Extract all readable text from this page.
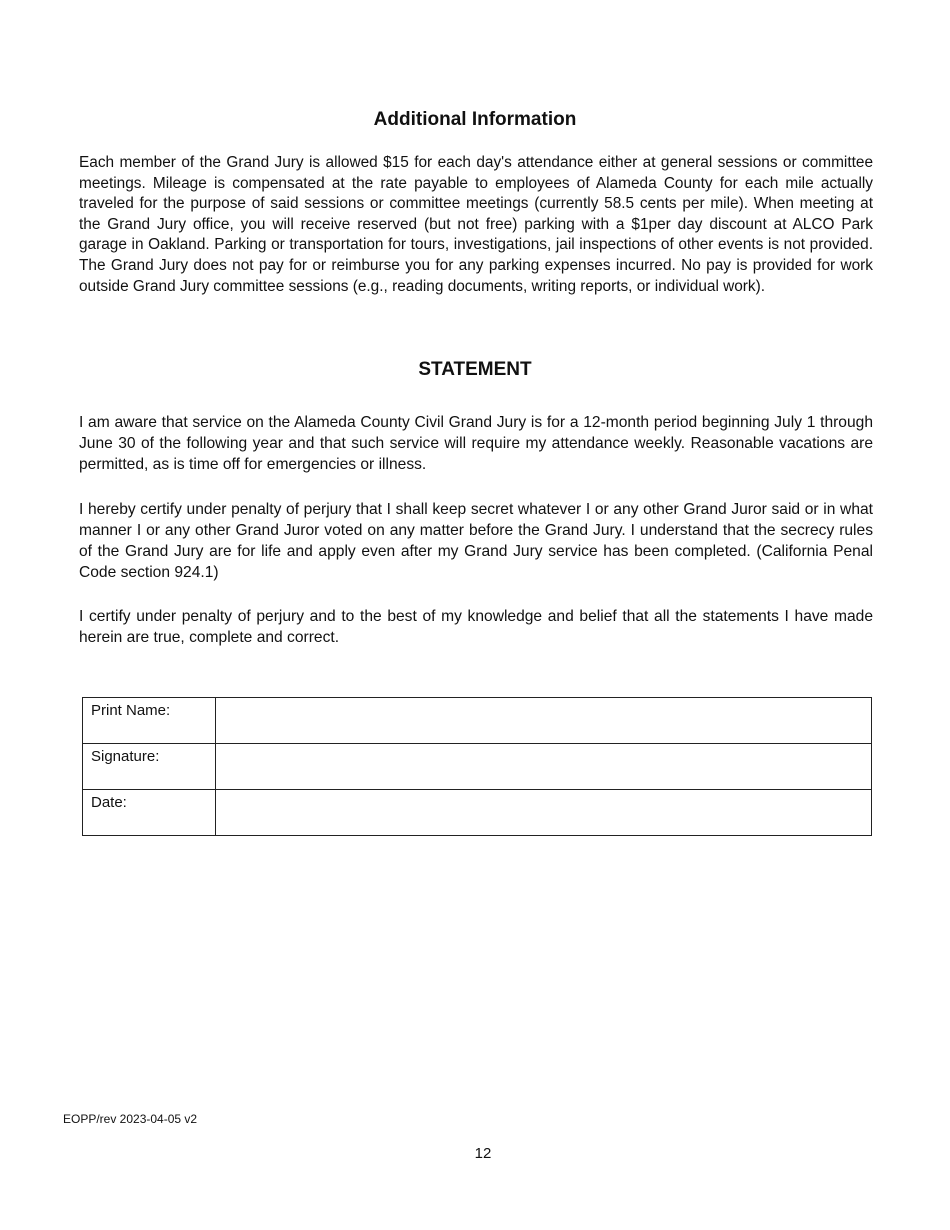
Additional Information

Each member of the Grand Jury is allowed $15 for each day's attendance either at general sessions or committee meetings. Mileage is compensated at the rate payable to employees of Alameda County for each mile actually traveled for the purpose of said sessions or committee meetings (currently 58.5 cents per mile). When meeting at the Grand Jury office, you will receive reserved (but not free) parking with a $1per day discount at ALCO Park garage in Oakland. Parking or transportation for tours, investigations, jail inspections of other events is not provided. The Grand Jury does not pay for or reimburse you for any parking expenses incurred. No pay is provided for work outside Grand Jury committee sessions (e.g., reading documents, writing reports, or individual work).

STATEMENT

I am aware that service on the Alameda County Civil Grand Jury is for a 12-month period beginning July 1 through June 30 of the following year and that such service will require my attendance weekly. Reasonable vacations are permitted, as is time off for emergencies or illness.

I hereby certify under penalty of perjury that I shall keep secret whatever I or any other Grand Juror said or in what manner I or any other Grand Juror voted on any matter before the Grand Jury. I understand that the secrecy rules of the Grand Jury are for life and apply even after my Grand Jury service has been completed. (California Penal Code section 924.1)

I certify under penalty of perjury and to the best of my knowledge and belief that all the statements I have made herein are true, complete and correct.

Print Name:	
Signature:	
Date:	
EOPP/rev 2023-04-05 v2
12
